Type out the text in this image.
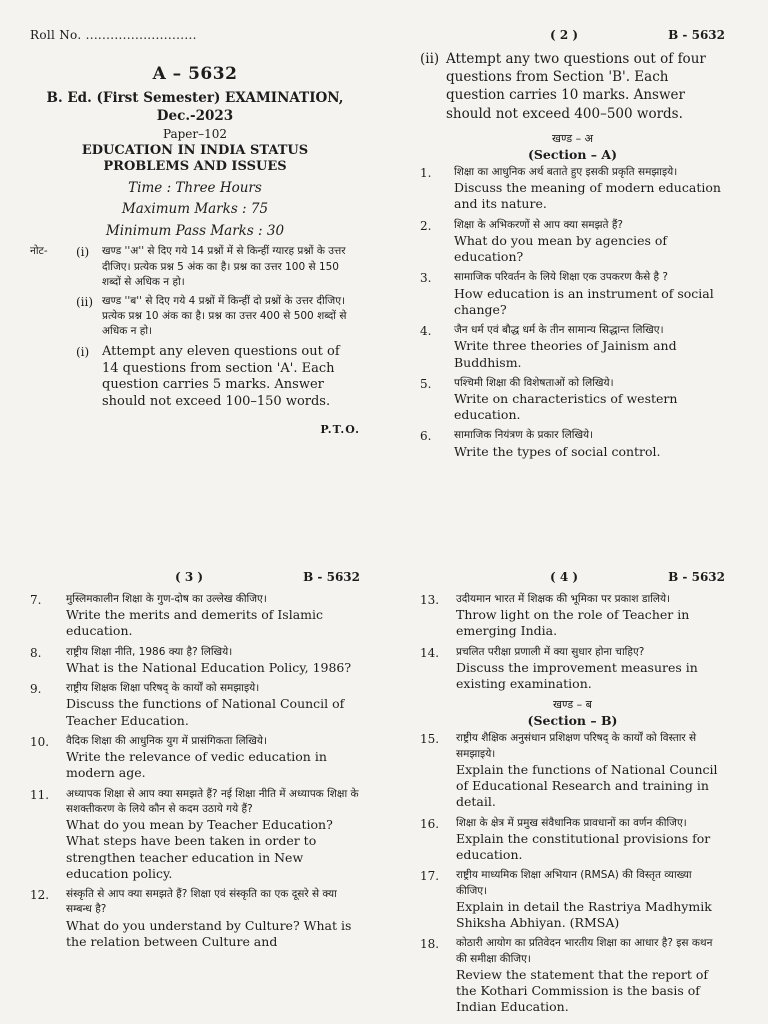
Roll No. ...........................
A – 5632
B. Ed. (First Semester) EXAMINATION,
Dec.-2023
Paper–102
EDUCATION IN INDIA STATUS
PROBLEMS AND ISSUES
Time : Three Hours
Maximum Marks : 75
Minimum Pass Marks : 30
नोट-	(i)	खण्ड ''अ'' से दिए गये 14 प्रश्नों में से किन्हीं ग्यारह प्रश्नों के उत्तर दीजिए। प्रत्येक प्रश्न 5 अंक का है। प्रश्न का उत्तर 100 से 150 शब्दों से अधिक न हो।
(ii) खण्ड ''ब'' से दिए गये 4 प्रश्नों में किन्हीं दो प्रश्नों के उत्तर दीजिए। प्रत्येक प्रश्न 10 अंक का है। प्रश्न का उत्तर 400 से 500 शब्दों से अधिक न हो।
(i) Attempt any eleven questions out of 14 questions from section 'A'. Each question carries 5 marks. Answer should not exceed 100–150 words.
P.T.O.
( 2 )	B - 5632
(ii) Attempt any two questions out of four questions from Section 'B'. Each question carries 10 marks. Answer should not exceed 400–500 words.
खण्ड – अ
(Section – A)
1.	शिक्षा का आधुनिक अर्थ बताते हुए इसकी प्रकृति समझाइये।
Discuss the meaning of modern education and its nature.
2.	शिक्षा के अभिकरणों से आप क्या समझते हैं?
What do you mean by agencies of education?
3.	सामाजिक परिवर्तन के लिये शिक्षा एक उपकरण कैसे है ?
How education is an instrument of social change?
4.	जैन धर्म एवं बौद्ध धर्म के तीन सामान्य सिद्धान्त लिखिए।
Write three theories of Jainism and Buddhism.
5.	पश्चिमी शिक्षा की विशेषताओं को लिखिये।
Write on characteristics of western education.
6.	सामाजिक नियंत्रण के प्रकार लिखिये।
Write the types of social control.
( 3 )	B - 5632
7.	मुस्लिमकालीन शिक्षा के गुण-दोष का उल्लेख कीजिए।
Write the merits and demerits of Islamic education.
8.	राष्ट्रीय शिक्षा नीति, 1986 क्या है? लिखिये।
What is the National Education Policy, 1986?
9.	राष्ट्रीय शिक्षक शिक्षा परिषद् के कार्यों को समझाइये।
Discuss the functions of National Council of Teacher Education.
10.	वैदिक शिक्षा की आधुनिक युग में प्रासंगिकता लिखिये।
Write the relevance of vedic education in modern age.
11.	अध्यापक शिक्षा से आप क्या समझते हैं? नई शिक्षा नीति में अध्यापक शिक्षा के सशक्तीकरण के लिये कौन से कदम उठाये गये हैं?
What do you mean by Teacher Education? What steps have been taken in order to strengthen teacher education in New education policy.
12.	संस्कृति से आप क्या समझते हैं? शिक्षा एवं संस्कृति का एक दूसरे से क्या सम्बन्ध है?
What do you understand by Culture? What is the relation between Culture and
( 4 )	B - 5632
13.	उदीयमान भारत में शिक्षक की भूमिका पर प्रकाश डालिये।
Throw light on the role of Teacher in emerging India.
14.	प्रचलित परीक्षा प्रणाली में क्या सुधार होना चाहिए?
Discuss the improvement measures in existing examination.
खण्ड – ब
(Section – B)
15.	राष्ट्रीय शैक्षिक अनुसंधान प्रशिक्षण परिषद् के कार्यों को विस्तार से समझाइये।
Explain the functions of National Council of Educational Research and training in detail.
16.	शिक्षा के क्षेत्र में प्रमुख संवैधानिक प्रावधानों का वर्णन कीजिए।
Explain the constitutional provisions for education.
17.	राष्ट्रीय माध्यमिक शिक्षा अभियान (RMSA) की विस्तृत व्याख्या कीजिए।
Explain in detail the Rastriya Madhymik Shiksha Abhiyan. (RMSA)
18.	कोठारी आयोग का प्रतिवेदन भारतीय शिक्षा का आधार है? इस कथन की समीक्षा कीजिए।
Review the statement that the report of the Kothari Commission is the basis of Indian Education.
